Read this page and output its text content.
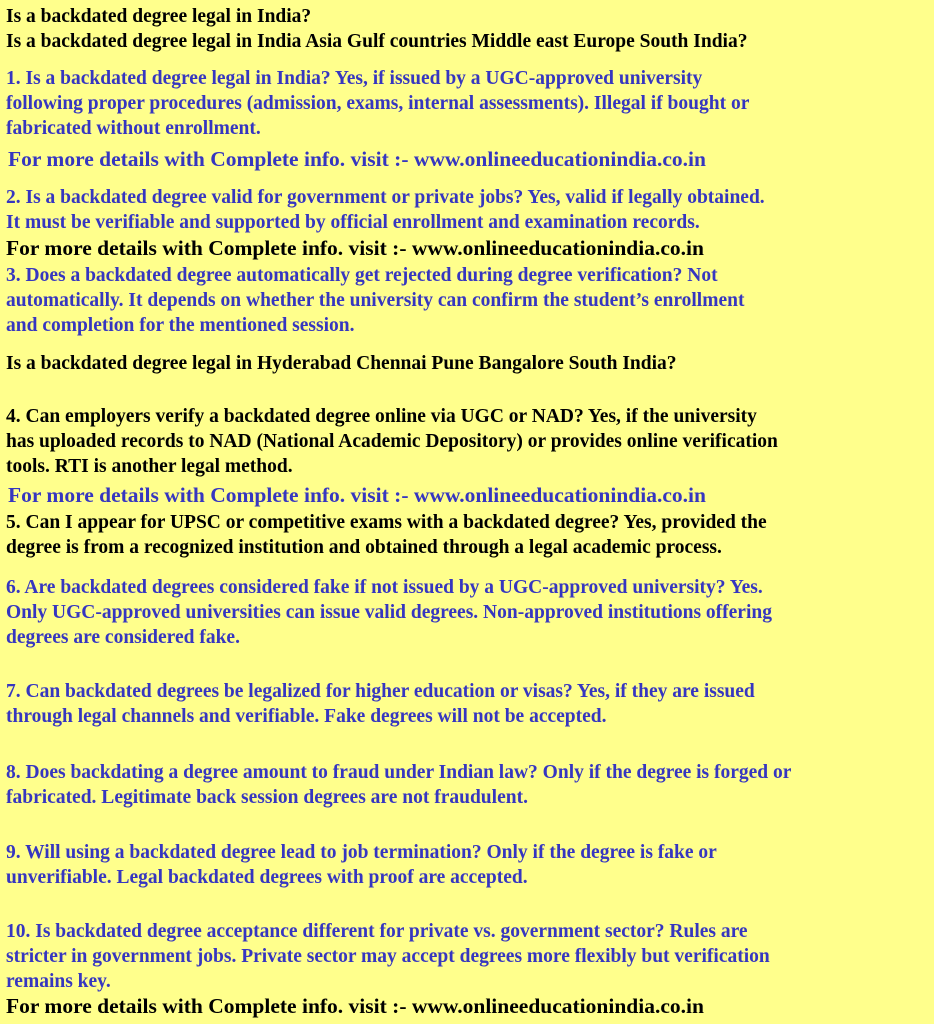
Is a backdated degree legal in India?

Is a backdated degree legal in India Asia Gulf countries Middle east Europe South India?

1. Is a backdated degree legal in India? Yes, if issued by a UGC-approved university
following proper procedures (admission, exams, internal assessments). Illegal if bought or
fabricated without enrollment.

For more details with Complete info. visit :- www.onlineeducationindia.co.in

2. Is a backdated degree valid for government or private jobs? Yes, valid if legally obtained.
It must be verifiable and supported by official enrollment and examination records.

For more details with Complete info. visit :- www.onlineeducationindia.co.in

3. Does a backdated degree automatically get rejected during degree verification? Not
automatically. It depends on whether the university can confirm the student’s enrollment
and completion for the mentioned session.

Is a backdated degree legal in Hyderabad Chennai Pune Bangalore South India?

4. Can employers verify a backdated degree online via UGC or NAD? Yes, if the university
has uploaded records to NAD (National Academic Depository) or provides online verification
tools. RTI is another legal method.

For more details with Complete info. visit :- www.onlineeducationindia.co.in

5. Can I appear for UPSC or competitive exams with a backdated degree? Yes, provided the
degree is from a recognized institution and obtained through a legal academic process.

6. Are backdated degrees considered fake if not issued by a UGC-approved university? Yes.
Only UGC-approved universities can issue valid degrees. Non-approved institutions offering
degrees are considered fake.

7. Can backdated degrees be legalized for higher education or visas? Yes, if they are issued
through legal channels and verifiable. Fake degrees will not be accepted.

8. Does backdating a degree amount to fraud under Indian law? Only if the degree is forged or
fabricated. Legitimate back session degrees are not fraudulent.

9. Will using a backdated degree lead to job termination? Only if the degree is fake or
unverifiable. Legal backdated degrees with proof are accepted.

10. Is backdated degree acceptance different for private vs. government sector? Rules are
stricter in government jobs. Private sector may accept degrees more flexibly but verification
remains key.

For more details with Complete info. visit :- www.onlineeducationindia.co.in
